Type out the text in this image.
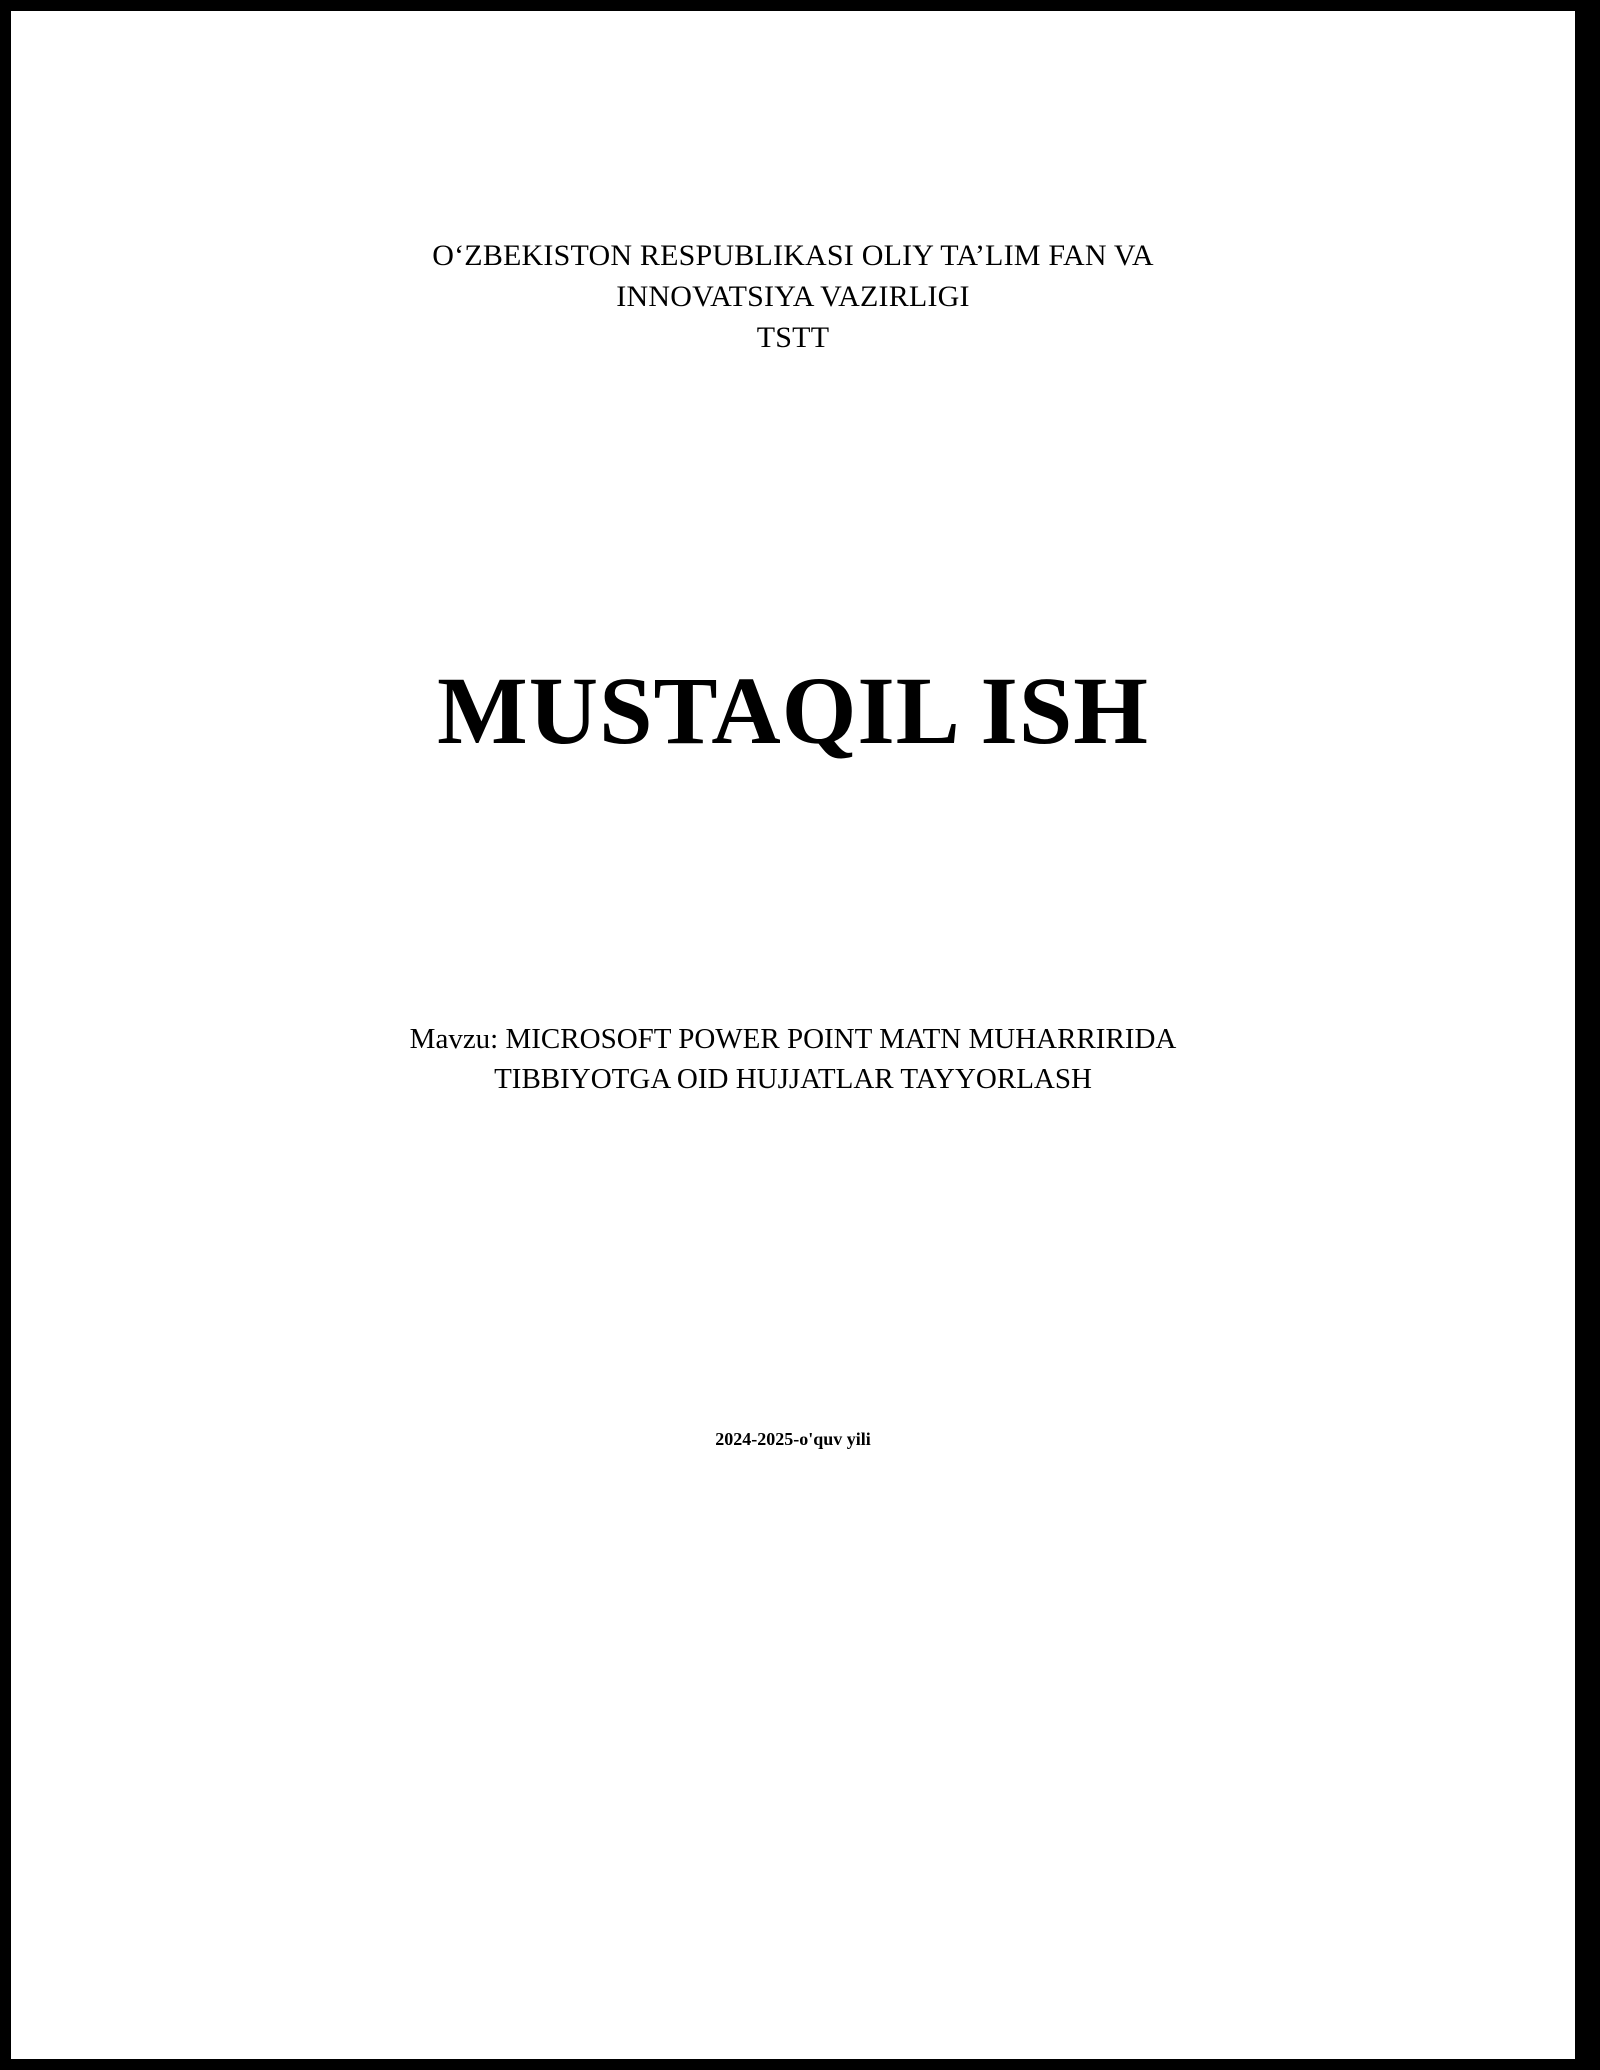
O‘ZBEKISTON RESPUBLIKASI OLIY TA’LIM FAN VA
INNOVATSIYA VAZIRLIGI
TSTT
MUSTAQIL ISH
Mavzu: MICROSOFT POWER POINT MATN MUHARRIRIDA
TIBBIYOTGA OID HUJJATLAR TAYYORLASH
2024-2025-o'quv yili
